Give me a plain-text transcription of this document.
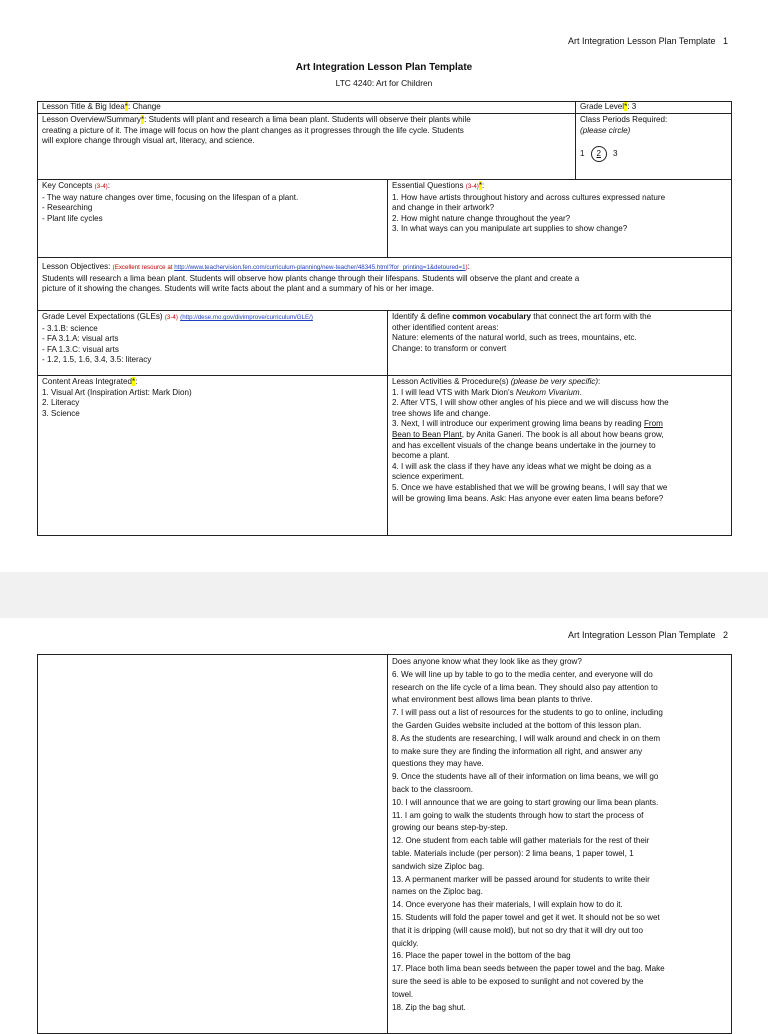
Art Integration Lesson Plan Template 1
Art Integration Lesson Plan Template
LTC 4240: Art for Children
Lesson Title & Big Idea*: Change	Grade Level*: 3
Lesson Overview/Summary*: Students will plant and research a lima bean plant. Students will observe their plants while
creating a picture of it. The image will focus on how the plant changes as it progresses through the life cycle. Students
will explore change through visual art, literacy, and science.
Class Periods Required:
(please circle)
1 2 3
Key Concepts (3-4):
- The way nature changes over time, focusing on the lifespan of a plant.
- Researching
- Plant life cycles
Essential Questions (3-4)*:
1. How have artists throughout history and across cultures expressed nature
and change in their artwork?
2. How might nature change throughout the year?
3. In what ways can you manipulate art supplies to show change?
Lesson Objectives: (Excellent resource at http://www.teachervision.fen.com/curriculum-planning/new-teacher/48345.html?for_printing=1&detoured=1):
Students will research a lima bean plant. Students will observe how plants change through their lifespans. Students will observe the plant and create a
picture of it showing the changes. Students will write facts about the plant and a summary of his or her image.
Grade Level Expectations (GLEs) (3-4) (http://dese.mo.gov/divimprove/curriculum/GLE/)
- 3.1.B: science
- FA 3.1.A: visual arts
- FA 1.3.C: visual arts
- 1.2, 1.5, 1.6, 3.4, 3.5: literacy
Identify & define common vocabulary that connect the art form with the
other identified content areas:
Nature: elements of the natural world, such as trees, mountains, etc.
Change: to transform or convert
Content Areas Integrated*:
1. Visual Art (Inspiration Artist: Mark Dion)
2. Literacy
3. Science
Lesson Activities & Procedure(s) (please be very specific):
1. I will lead VTS with Mark Dion's Neukom Vivarium.
2. After VTS, I will show other angles of his piece and we will discuss how the
tree shows life and change.
3. Next, I will introduce our experiment growing lima beans by reading From
Bean to Bean Plant, by Anita Ganeri. The book is all about how beans grow,
and has excellent visuals of the change beans undertake in the journey to
become a plant.
4. I will ask the class if they have any ideas what we might be doing as a
science experiment.
5. Once we have established that we will be growing beans, I will say that we
will be growing lima beans. Ask: Has anyone ever eaten lima beans before?
Art Integration Lesson Plan Template 2
Does anyone know what they look like as they grow?
6. We will line up by table to go to the media center, and everyone will do
research on the life cycle of a lima bean. They should also pay attention to
what environment best allows lima bean plants to thrive.
7. I will pass out a list of resources for the students to go to online, including
the Garden Guides website included at the bottom of this lesson plan.
8. As the students are researching, I will walk around and check in on them
to make sure they are finding the information all right, and answer any
questions they may have.
9. Once the students have all of their information on lima beans, we will go
back to the classroom.
10. I will announce that we are going to start growing our lima bean plants.
11. I am going to walk the students through how to start the process of
growing our beans step-by-step.
12. One student from each table will gather materials for the rest of their
table. Materials include (per person): 2 lima beans, 1 paper towel, 1
sandwich size Ziploc bag.
13. A permanent marker will be passed around for students to write their
names on the Ziploc bag.
14. Once everyone has their materials, I will explain how to do it.
15. Students will fold the paper towel and get it wet. It should not be so wet
that it is dripping (will cause mold), but not so dry that it will dry out too
quickly.
16. Place the paper towel in the bottom of the bag
17. Place both lima bean seeds between the paper towel and the bag. Make
sure the seed is able to be exposed to sunlight and not covered by the
towel.
18. Zip the bag shut.
